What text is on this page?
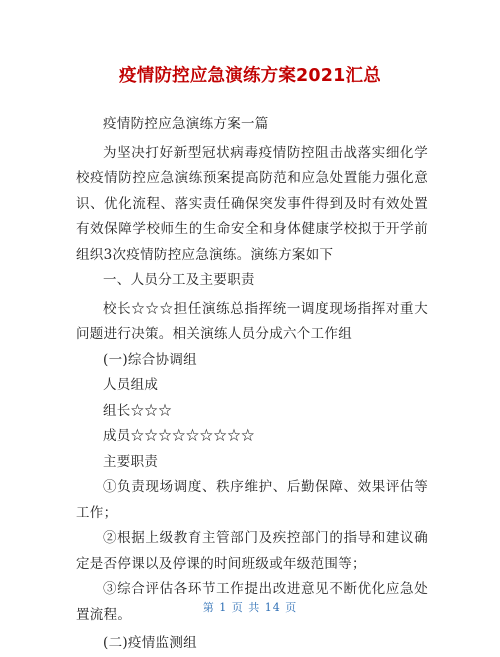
疫情防控应急演练方案2021汇总

疫情防控应急演练方案一篇

为坚决打好新型冠状病毒疫情防控阻击战落实细化学校疫情防控应急演练预案提高防范和应急处置能力强化意识、优化流程、落实责任确保突发事件得到及时有效处置有效保障学校师生的生命安全和身体健康学校拟于开学前组织3次疫情防控应急演练。演练方案如下

一、人员分工及主要职责

校长☆☆☆担任演练总指挥统一调度现场指挥对重大问题进行决策。相关演练人员分成六个工作组

(一)综合协调组

人员组成

组长☆☆☆

成员☆☆☆☆☆☆☆☆☆

主要职责

①负责现场调度、秩序维护、后勤保障、效果评估等工作；

②根据上级教育主管部门及疾控部门的指导和建议确定是否停课以及停课的时间班级或年级范围等；

③综合评估各环节工作提出改进意见不断优化应急处置流程。

(二)疫情监测组

第 1 页 共 14 页
